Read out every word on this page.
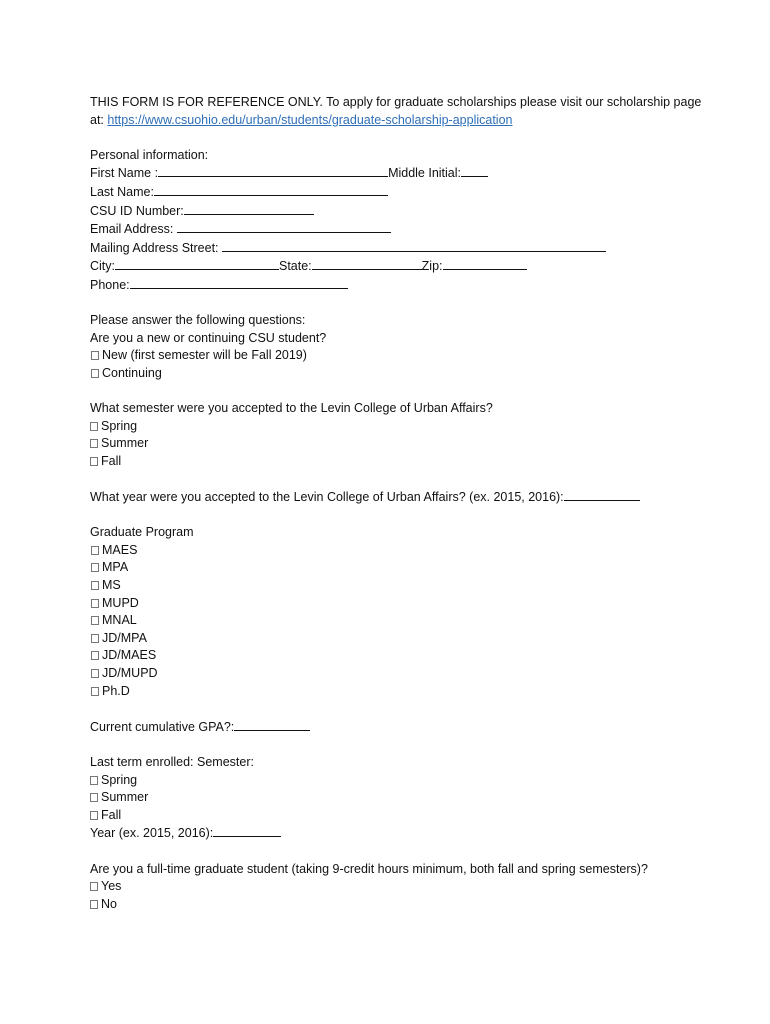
THIS FORM IS FOR REFERENCE ONLY. To apply for graduate scholarships please visit our scholarship page
at: https://www.csuohio.edu/urban/students/graduate-scholarship-application
Personal information:
First Name :	Middle Initial:
Last Name:
CSU ID Number:
Email Address:
Mailing Address Street:
City:	State:	Zip:
Phone:
Please answer the following questions:
Are you a new or continuing CSU student?
New (first semester will be Fall 2019)
Continuing
What semester were you accepted to the Levin College of Urban Affairs?
Spring
Summer
Fall
What year were you accepted to the Levin College of Urban Affairs? (ex. 2015, 2016):
Graduate Program
MAES
MPA
MS
MUPD
MNAL
JD/MPA
JD/MAES
JD/MUPD
Ph.D
Current cumulative GPA?:
Last term enrolled: Semester:
Spring
Summer
Fall
Year (ex. 2015, 2016):
Are you a full-time graduate student (taking 9-credit hours minimum, both fall and spring semesters)?
Yes
No
